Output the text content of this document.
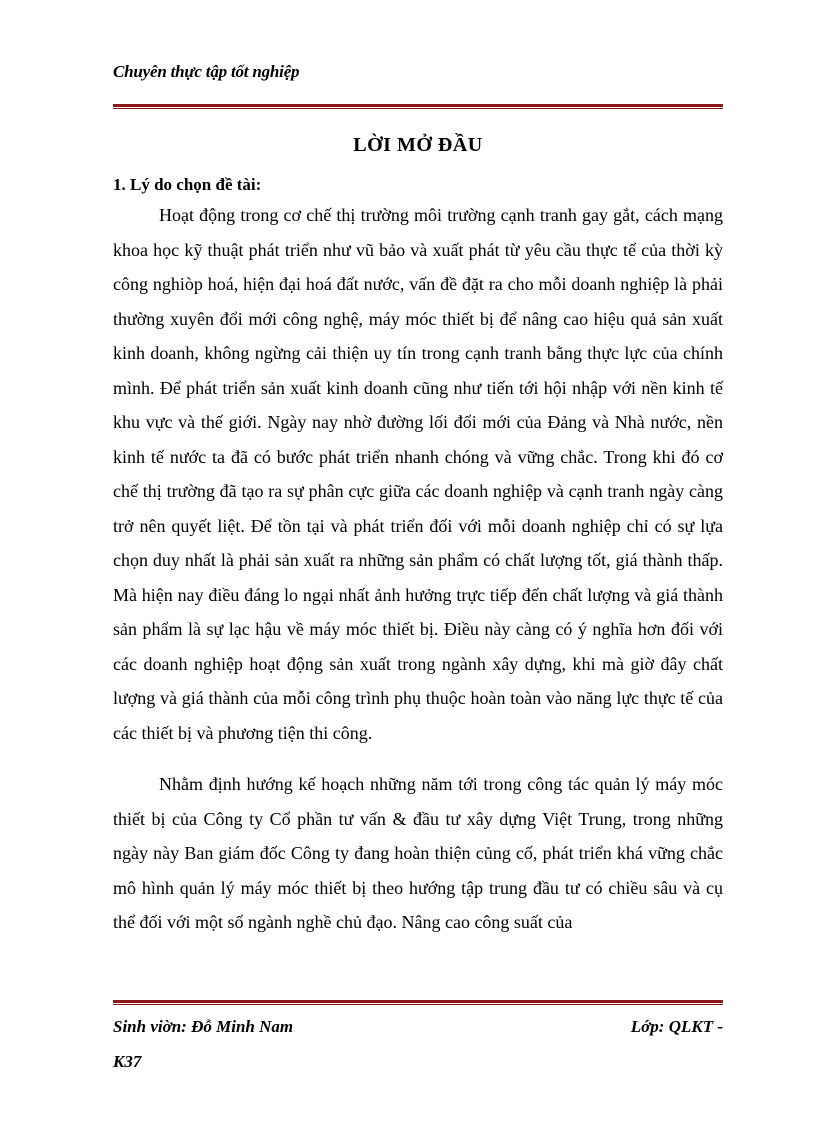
Chuyên thực tập tốt nghiệp
LỜI MỞ ĐẦU
1. Lý do chọn đề tài:

Hoạt động trong cơ chế thị trường môi trường cạnh tranh gay gắt, cách mạng khoa học kỹ thuật phát triển như vũ bảo và xuất phát từ yêu cầu thực tế của thời kỳ công nghiòp hoá, hiện đại hoá đất nước, vấn đề đặt ra cho mỗi doanh nghiệp là phải thường xuyên đổi mới công nghệ, máy móc thiết bị để nâng cao hiệu quả sản xuất kinh doanh, không ngừng cải thiện uy tín trong cạnh tranh bằng thực lực của chính mình. Để phát triển sản xuất kinh doanh cũng như tiến tới hội nhập với nền kinh tế khu vực và thế giới. Ngày nay nhờ đường lối đổi mới của Đảng và Nhà nước, nền kinh tế nước ta đã có bước phát triển nhanh chóng và vững chắc. Trong khi đó cơ chế thị trường đã tạo ra sự phân cực giữa các doanh nghiệp và cạnh tranh ngày càng trở nên quyết liệt. Để tồn tại và phát triển đối với mỗi doanh nghiệp chỉ có sự lựa chọn duy nhất là phải sản xuất ra những sản phẩm có chất lượng tốt, giá thành thấp. Mà hiện nay điều đáng lo ngại nhất ảnh hưởng trực tiếp đến chất lượng và giá thành sản phẩm là sự lạc hậu về máy móc thiết bị. Điều này càng có ý nghĩa hơn đối với các doanh nghiệp hoạt động sản xuất trong ngành xây dựng, khi mà giờ đây chất lượng và giá thành của mỗi công trình phụ thuộc hoàn toàn vào năng lực thực tế của các thiết bị và phương tiện thi công.

Nhằm định hướng kế hoạch những năm tới trong công tác quản lý máy móc thiết bị của Công ty Cổ phần tư vấn & đầu tư xây dựng Việt Trung, trong những ngày này Ban giám đốc Công ty đang hoàn thiện củng cố, phát triển khá vững chắc mô hình quản lý máy móc thiết bị theo hướng tập trung đầu tư có chiều sâu và cụ thể đối với một số ngành nghề chủ đạo. Nâng cao công suất của

Sinh viờn: Đỗ Minh Nam	Lớp: QLKT -
K37
